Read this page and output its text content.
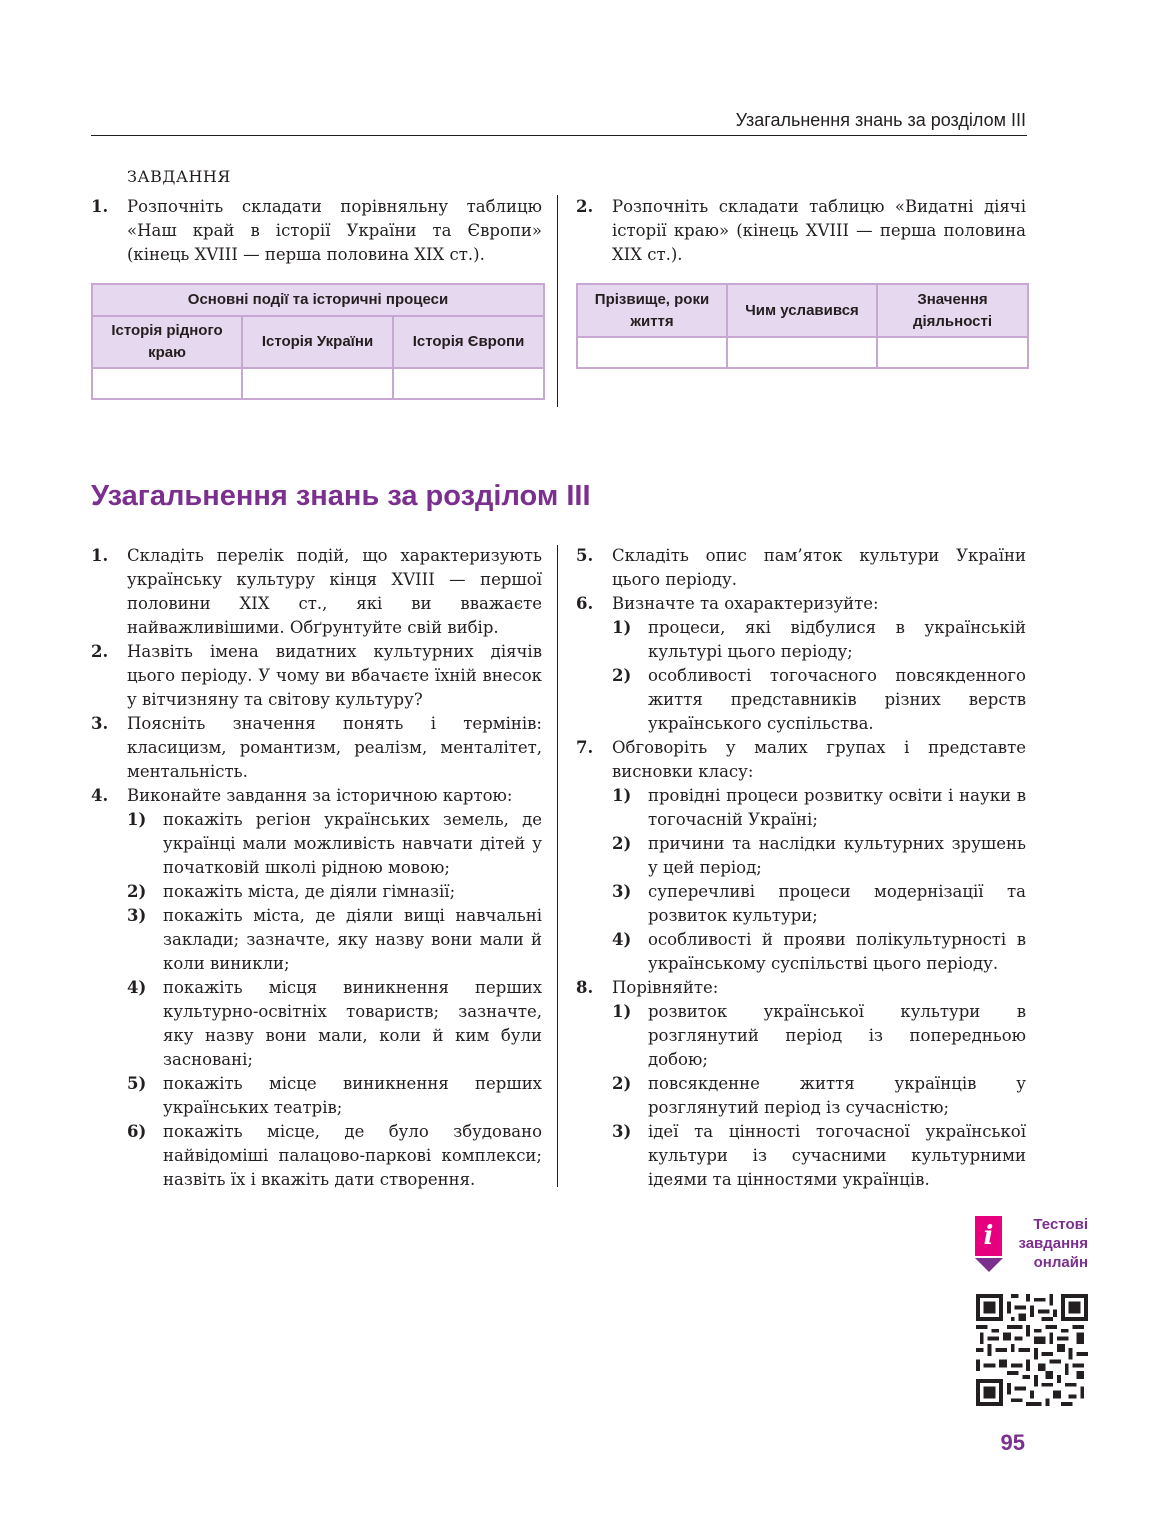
Узагальнення знань за розділом ІІІ
ЗАВДАННЯ
1. Розпочніть складати порівняльну таблицю «Наш край в історії України та Європи» (кінець XVIII — перша половина XIX ст.).
Основні події та історичні процеси		
Історія рідного краю	Історія України	Історія Європи

2. Розпочніть складати таблицю «Видатні діячі історії краю» (кінець XVIII — перша половина XIX ст.).
Прізвище, роки життя	Чим уславився	Значення діяльності

Узагальнення знань за розділом ІІІ
1. Складіть перелік подій, що характеризують українську культуру кінця XVIII — першої половини XIX ст., які ви вважаєте найважливішими. Обґрунтуйте свій вибір.
2. Назвіть імена видатних культурних діячів цього періоду. У чому ви вбачаєте їхній внесок у вітчизняну та світову культуру?
3. Поясніть значення понять і термінів: класицизм, романтизм, реалізм, менталітет, ментальність.
4. Виконайте завдання за історичною картою:
1) покажіть регіон українських земель, де українці мали можливість навчати дітей у початковій школі рідною мовою;
2) покажіть міста, де діяли гімназії;
3) покажіть міста, де діяли вищі навчальні заклади; зазначте, яку назву вони мали й коли виникли;
4) покажіть місця виникнення перших культурно-освітніх товариств; зазначте, яку назву вони мали, коли й ким були засновані;
5) покажіть місце виникнення перших українських театрів;
6) покажіть місце, де було збудовано найвідоміші палацово-паркові комплекси; назвіть їх і вкажіть дати створення.
5. Складіть опис пам’яток культури України цього періоду.
6. Визначте та охарактеризуйте:
1) процеси, які відбулися в українській культурі цього періоду;
2) особливості тогочасного повсякденного життя представників різних верств українського суспільства.
7. Обговоріть у малих групах і представте висновки класу:
1) провідні процеси розвитку освіти і науки в тогочасній Україні;
2) причини та наслідки культурних зрушень у цей період;
3) суперечливі процеси модернізації та розвиток культури;
4) особливості й прояви полікультурності в українському суспільстві цього періоду.
8. Порівняйте:
1) розвиток української культури в розглянутий період із попередньою добою;
2) повсякденне життя українців у розглянутий період із сучасністю;
3) ідеї та цінності тогочасної української культури із сучасними культурними ідеями та цінностями українців.
i	Тестові
завдання
онлайн
95
